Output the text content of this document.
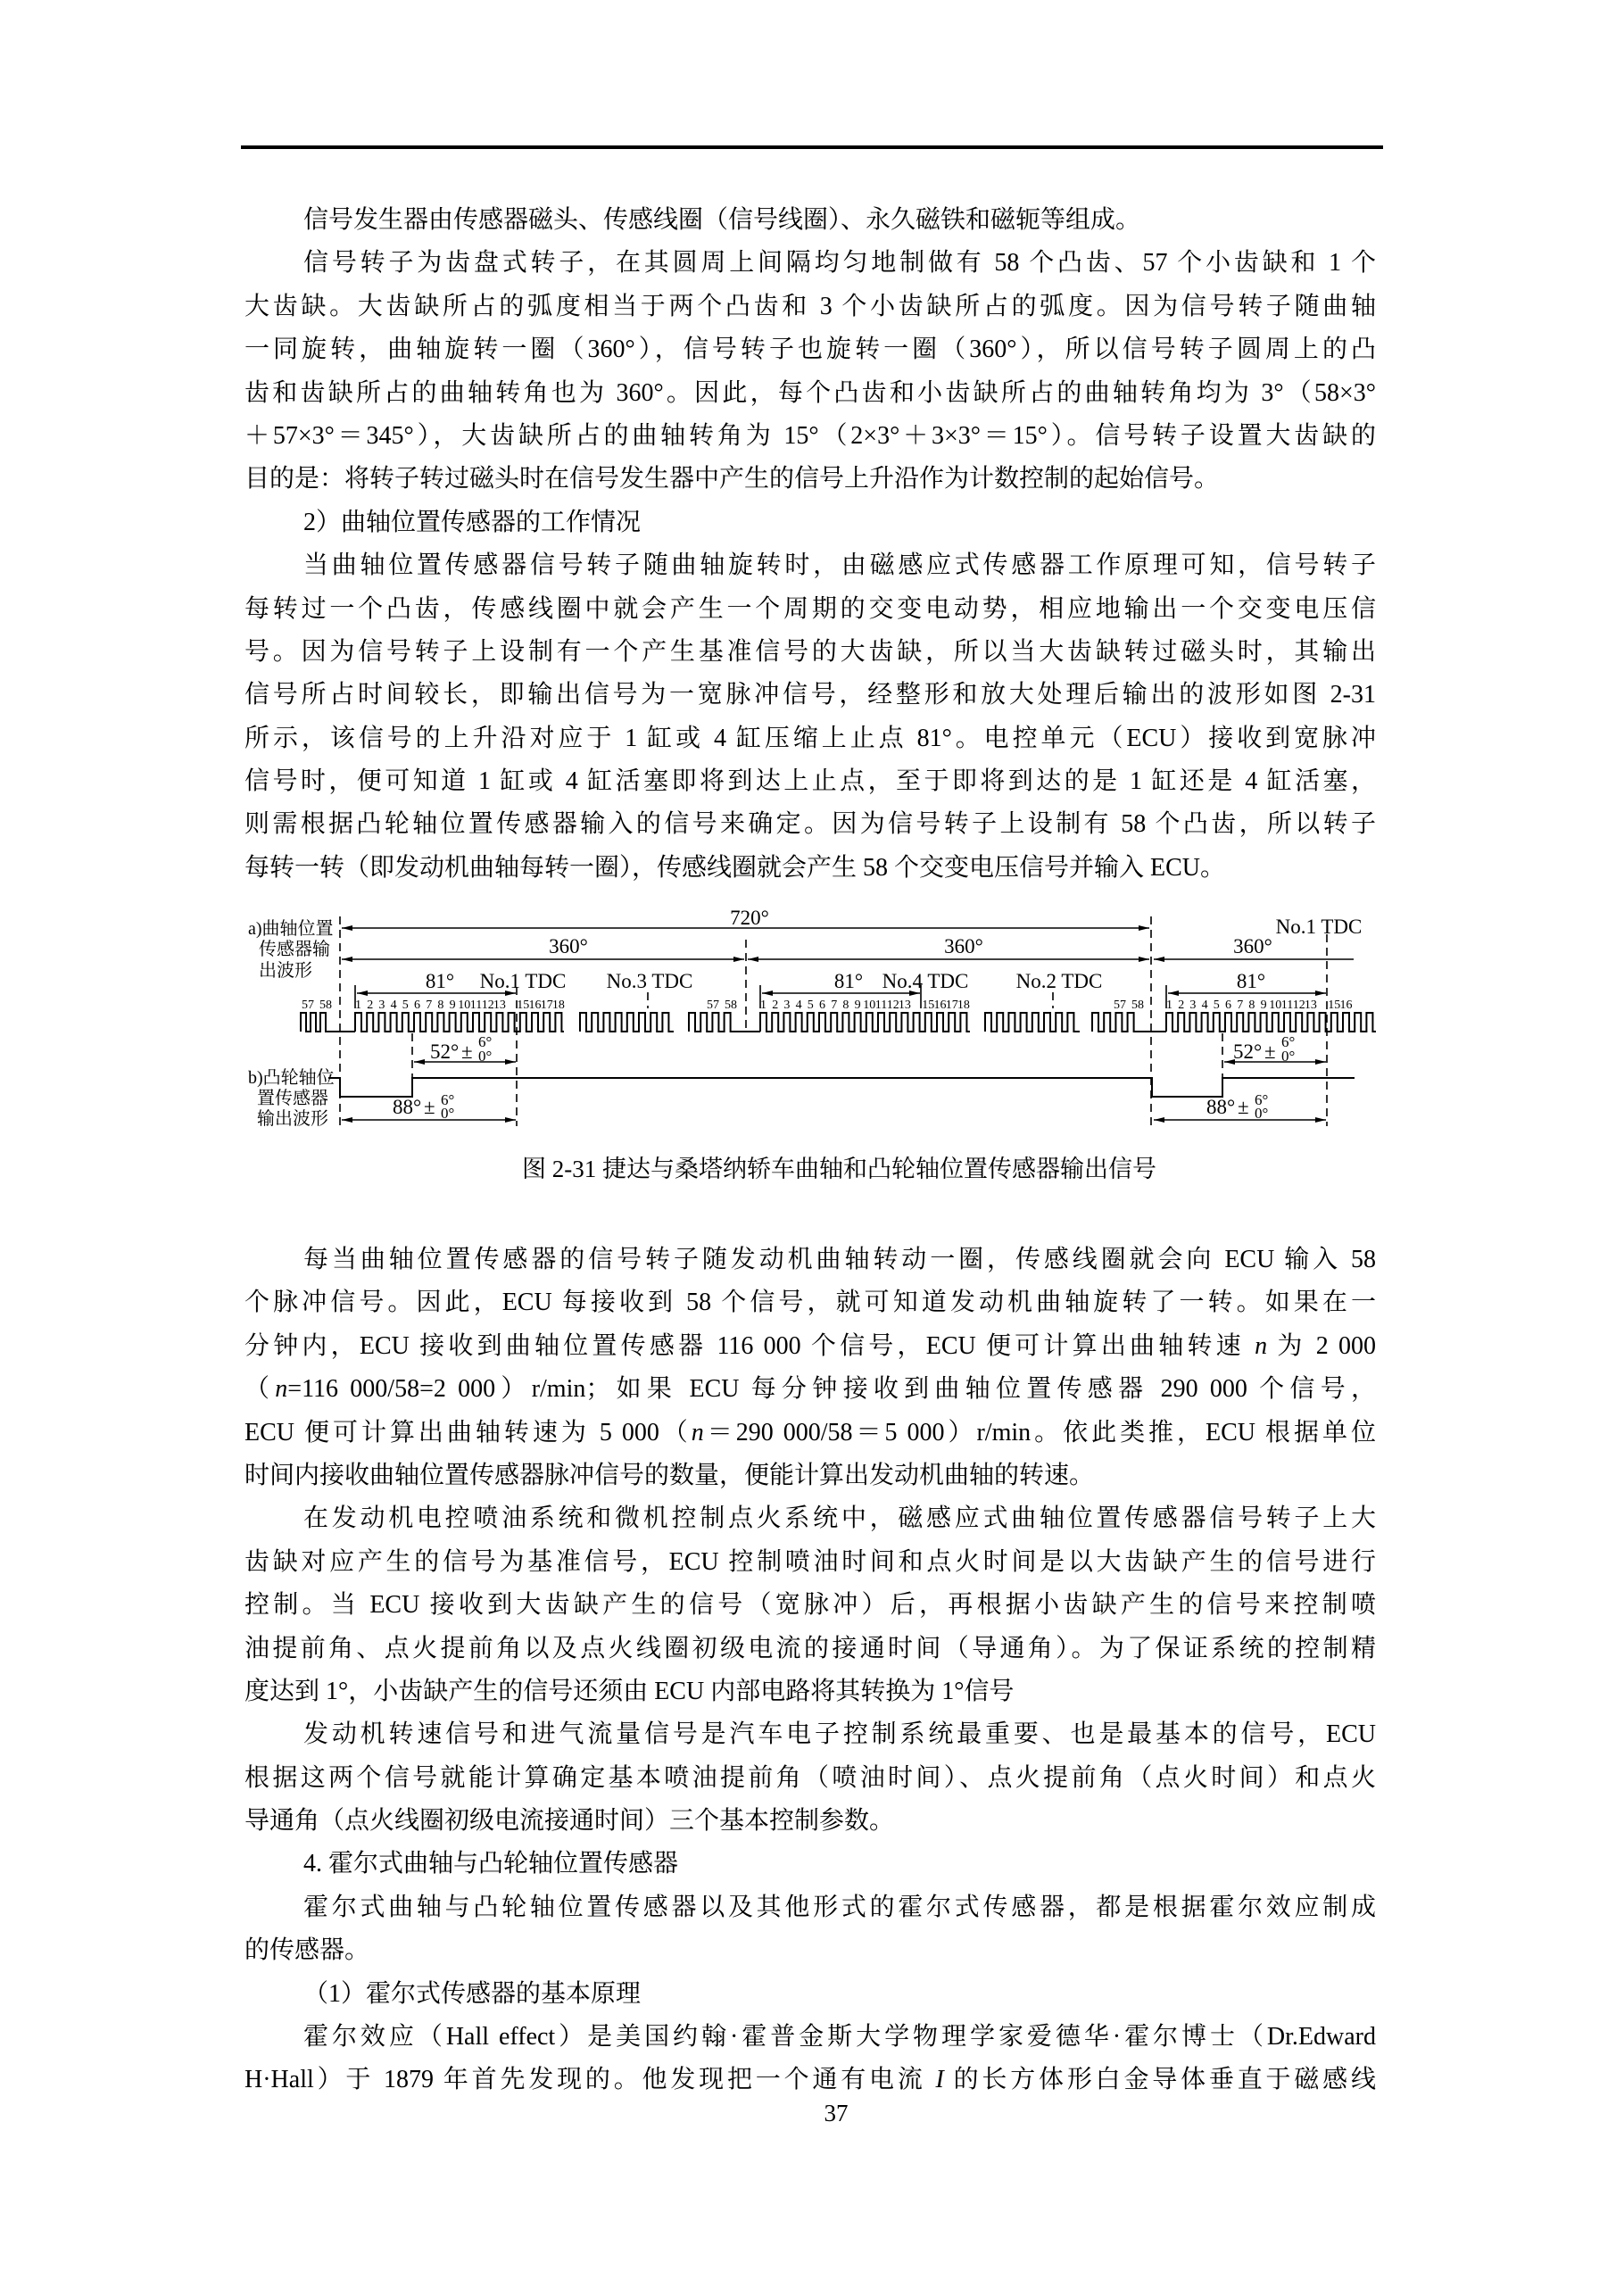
信号发生器由传感器磁头、传感线圈（信号线圈）、永久磁铁和磁轭等组成。
信号转子为齿盘式转子，在其圆周上间隔均匀地制做有 58 个凸齿、57 个小齿缺和 1 个
大齿缺。大齿缺所占的弧度相当于两个凸齿和 3 个小齿缺所占的弧度。因为信号转子随曲轴
一同旋转，曲轴旋转一圈（360°），信号转子也旋转一圈（360°），所以信号转子圆周上的凸
齿和齿缺所占的曲轴转角也为 360°。因此，每个凸齿和小齿缺所占的曲轴转角均为 3°（58×3°
＋57×3°＝345°），大齿缺所占的曲轴转角为 15°（2×3°＋3×3°＝15°）。信号转子设置大齿缺的
目的是：将转子转过磁头时在信号发生器中产生的信号上升沿作为计数控制的起始信号。
2）曲轴位置传感器的工作情况
当曲轴位置传感器信号转子随曲轴旋转时，由磁感应式传感器工作原理可知，信号转子
每转过一个凸齿，传感线圈中就会产生一个周期的交变电动势，相应地输出一个交变电压信
号。因为信号转子上设制有一个产生基准信号的大齿缺，所以当大齿缺转过磁头时，其输出
信号所占时间较长，即输出信号为一宽脉冲信号，经整形和放大处理后输出的波形如图 2-31
所示，该信号的上升沿对应于 1 缸或 4 缸压缩上止点 81°。电控单元（ECU）接收到宽脉冲
信号时，便可知道 1 缸或 4 缸活塞即将到达上止点，至于即将到达的是 1 缸还是 4 缸活塞，
则需根据凸轮轴位置传感器输入的信号来确定。因为信号转子上设制有 58 个凸齿，所以转子
每转一转（即发动机曲轴每转一圈），传感线圈就会产生 58 个交变电压信号并输入 ECU。
a)曲轴位置
传感器输
出波形
b)凸轮轴位
置传感器
输出波形
720°
360°	360°	360°
81°	81°	81°
No.1 TDC No.3 TDC	No.4 TDC No.2 TDC
No.1 TDC
52° ± 6°
0°	52° ± 6°
0°
88° ± 6°
0°	88° ± 6°
0°
1 2 3 4 5 6 7 8 9 10 11 12 13 15 16 17 18	1 2 3 4 5 6 7 8 9 10 11 12 13 15 16 17 18	1 2 3 4 5 6 7 8 9 10 11 12 13 15 16
57 58	57 58	57 58
图 2-31 捷达与桑塔纳轿车曲轴和凸轮轴位置传感器输出信号
每当曲轴位置传感器的信号转子随发动机曲轴转动一圈，传感线圈就会向 ECU 输入 58
个脉冲信号。因此，ECU 每接收到 58 个信号，就可知道发动机曲轴旋转了一转。如果在一
分钟内，ECU 接收到曲轴位置传感器 116 000 个信号，ECU 便可计算出曲轴转速 n 为 2 000
（n=116 000/58=2 000）r/min；如果 ECU 每分钟接收到曲轴位置传感器 290 000 个信号，
ECU 便可计算出曲轴转速为 5 000（n＝290 000/58＝5 000）r/min。依此类推，ECU 根据单位
时间内接收曲轴位置传感器脉冲信号的数量，便能计算出发动机曲轴的转速。
在发动机电控喷油系统和微机控制点火系统中，磁感应式曲轴位置传感器信号转子上大
齿缺对应产生的信号为基准信号，ECU 控制喷油时间和点火时间是以大齿缺产生的信号进行
控制。当 ECU 接收到大齿缺产生的信号（宽脉冲）后，再根据小齿缺产生的信号来控制喷
油提前角、点火提前角以及点火线圈初级电流的接通时间（导通角）。为了保证系统的控制精
度达到 1°，小齿缺产生的信号还须由 ECU 内部电路将其转换为 1°信号
发动机转速信号和进气流量信号是汽车电子控制系统最重要、也是最基本的信号，ECU
根据这两个信号就能计算确定基本喷油提前角（喷油时间）、点火提前角（点火时间）和点火
导通角（点火线圈初级电流接通时间）三个基本控制参数。
4. 霍尔式曲轴与凸轮轴位置传感器
霍尔式曲轴与凸轮轴位置传感器以及其他形式的霍尔式传感器，都是根据霍尔效应制成
的传感器。
（1）霍尔式传感器的基本原理
霍尔效应（Hall effect）是美国约翰·霍普金斯大学物理学家爱德华·霍尔博士（Dr.Edward
H·Hall）于 1879 年首先发现的。他发现把一个通有电流 I 的长方体形白金导体垂直于磁感线
37
